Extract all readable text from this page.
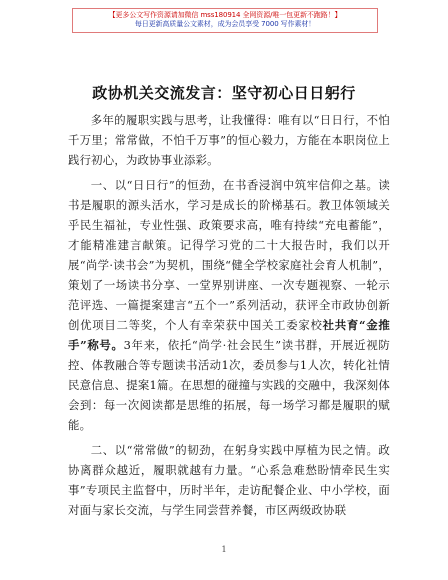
【更多公文写作资源请加微信 mss180914 全网资源/唯一包更新不跑路！】
每日更新高质量公文素材，成为会员享受 7000 写作素材！
政协机关交流发言：坚守初心日日躬行

多年的履职实践与思考，让我懂得：唯有以“日日行，不怕千万里；常常做，不怕千万事”的恒心毅力，方能在本职岗位上践行初心，为政协事业添彩。

一、以“日日行”的恒劲，在书香浸润中筑牢信仰之基。读书是履职的源头活水，学习是成长的阶梯基石。教卫体领域关乎民生福祉，专业性强、政策要求高，唯有持续“充电蓄能”，才能精准建言献策。记得学习党的二十大报告时，我们以开展“尚学·读书会”为契机，围绕“健全学校家庭社会育人机制”，策划了一场读书分享、一堂界别讲座、一次专题视察、一轮示范评选、一篇提案建言“五个一”系列活动，获评全市政协创新创优项目二等奖，个人有幸荣获中国关工委家校社共育“金推手”称号。3年来，依托“尚学·社会民生”读书群，开展近视防控、体教融合等专题读书活动1次，委员参与1人次，转化社情民意信息、提案1篇。在思想的碰撞与实践的交融中，我深刻体会到：每一次阅读都是思维的拓展，每一场学习都是履职的赋能。

二、以“常常做”的韧劲，在躬身实践中厚植为民之情。政协离群众越近，履职就越有力量。“心系急难愁盼情牵民生实事”专项民主监督中，历时半年，走访配餐企业、中小学校，面对面与家长交流，与学生同尝营养餐，市区两级政协联

1
